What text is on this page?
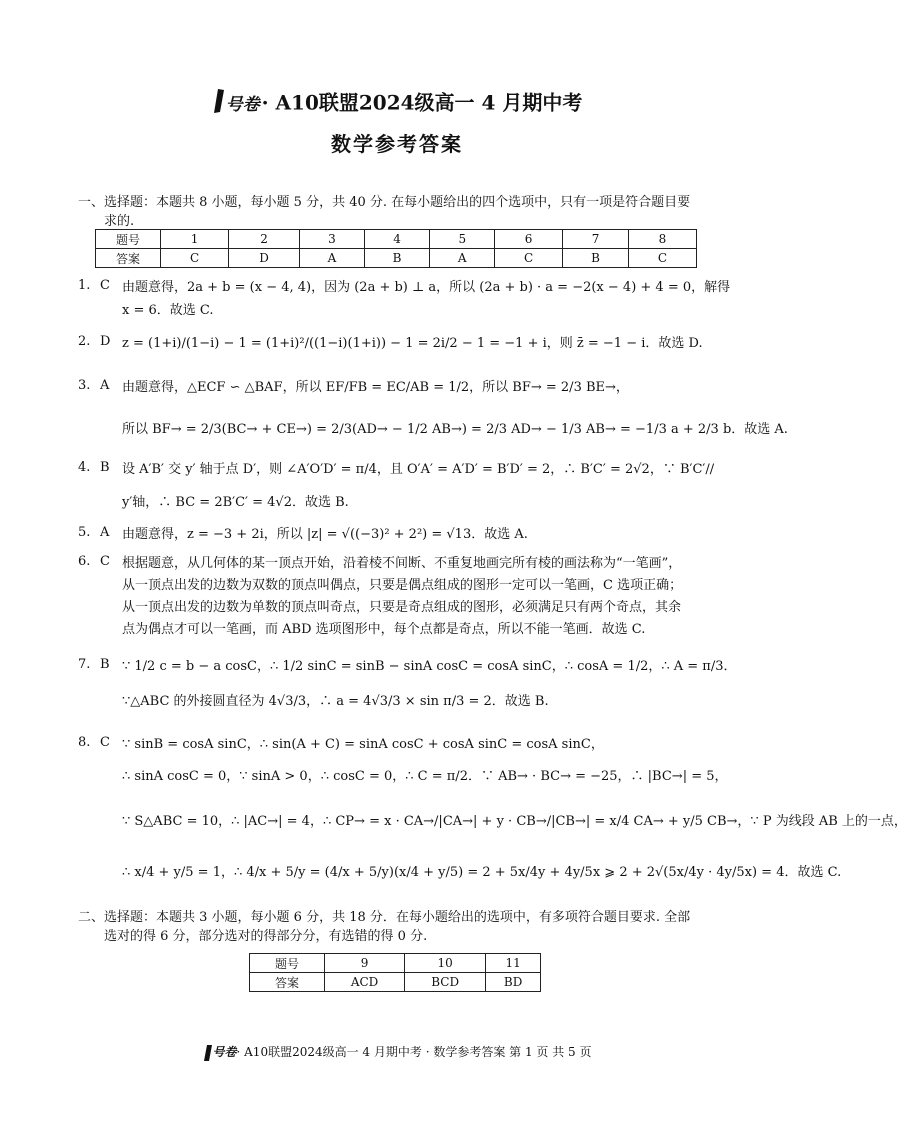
号卷 · A10联盟2024级高一 4 月期中考
数学参考答案
一、选择题：本题共 8 小题，每小题 5 分，共 40 分. 在每小题给出的四个选项中，只有一项是符合题目要
求的.
题号	1	2	3	4	5	6	7	8
答案	C	D	A	B	A	C	B	C
1. C 由题意得，2a + b = (x − 4, 4)，因为 (2a + b) ⊥ a，所以 (2a + b) · a = −2(x − 4) + 4 = 0，解得
x = 6．故选 C.
2. D z = (1+i)/(1−i) − 1 = (1+i)²/((1−i)(1+i)) − 1 = 2i/2 − 1 = −1 + i，则 z̄ = −1 − i．故选 D.
3. A 由题意得，△ECF ∽ △BAF，所以 EF/FB = EC/AB = 1/2，所以 BF→ = 2/3 BE→，
所以 BF→ = 2/3(BC→ + CE→) = 2/3(AD→ − 1/2 AB→) = 2/3 AD→ − 1/3 AB→ = −1/3 a + 2/3 b．故选 A.
4. B 设 A′B′ 交 y′ 轴于点 D′，则 ∠A′O′D′ = π/4，且 O′A′ = A′D′ = B′D′ = 2，∴ B′C′ = 2√2，∵ B′C′//
y′轴，∴ BC = 2B′C′ = 4√2．故选 B.
5. A 由题意得，z = −3 + 2i，所以 |z| = √((−3)² + 2²) = √13．故选 A.
6. C 根据题意，从几何体的某一顶点开始，沿着棱不间断、不重复地画完所有棱的画法称为“一笔画”，
从一顶点出发的边数为双数的顶点叫偶点，只要是偶点组成的图形一定可以一笔画，C 选项正确；
从一顶点出发的边数为单数的顶点叫奇点，只要是奇点组成的图形，必须满足只有两个奇点，其余
点为偶点才可以一笔画，而 ABD 选项图形中，每个点都是奇点，所以不能一笔画．故选 C.
7. B ∵ 1/2 c = b − a cosC，∴ 1/2 sinC = sinB − sinA cosC = cosA sinC，∴ cosA = 1/2，∴ A = π/3．
∵△ABC 的外接圆直径为 4√3/3，∴ a = 4√3/3 × sin π/3 = 2．故选 B.
8. C ∵ sinB = cosA sinC，∴ sin(A + C) = sinA cosC + cosA sinC = cosA sinC，
∴ sinA cosC = 0，∵ sinA > 0，∴ cosC = 0，∴ C = π/2．∵ AB→ · BC→ = −25，∴ |BC→| = 5，
∵ S△ABC = 10，∴ |AC→| = 4，∴ CP→ = x · CA→/|CA→| + y · CB→/|CB→| = x/4 CA→ + y/5 CB→，∵ P 为线段 AB 上的一点，
∴ x/4 + y/5 = 1，∴ 4/x + 5/y = (4/x + 5/y)(x/4 + y/5) = 2 + 5x/4y + 4y/5x ⩾ 2 + 2√(5x/4y · 4y/5x) = 4．故选 C.
二、选择题：本题共 3 小题，每小题 6 分，共 18 分．在每小题给出的选项中，有多项符合题目要求. 全部
选对的得 6 分，部分选对的得部分分，有选错的得 0 分.
题号	9	10	11
答案	ACD	BCD	BD
号卷· A10联盟2024级高一 4 月期中考 · 数学参考答案 第 1 页 共 5 页
